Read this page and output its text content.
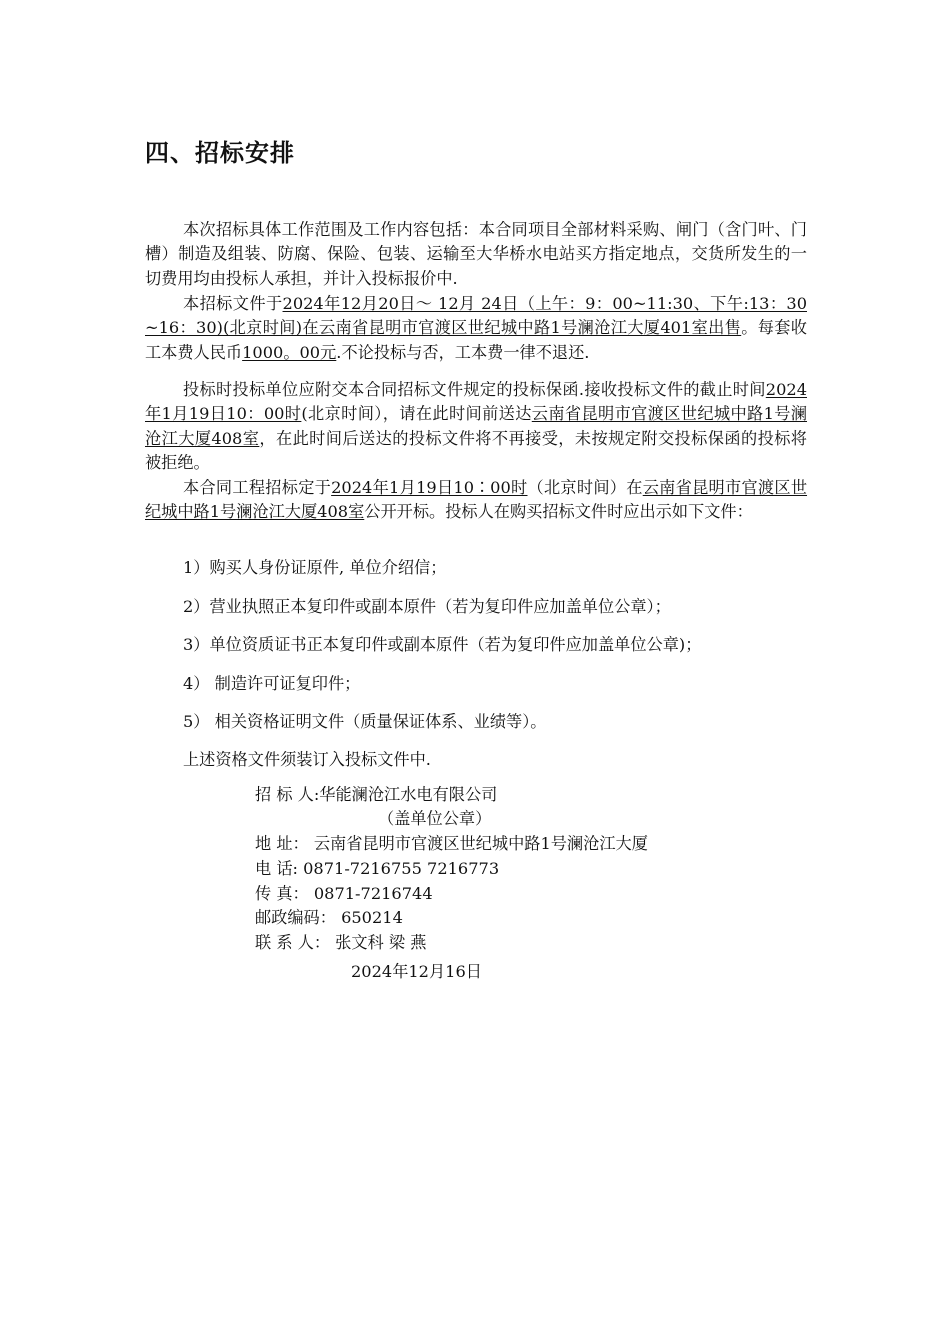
四、招标安排

本次招标具体工作范围及工作内容包括：本合同项目全部材料采购、闸门（含门叶、门槽）制造及组装、防腐、保险、包装、运输至大华桥水电站买方指定地点，交货所发生的一切费用均由投标人承担，并计入投标报价中.

本招标文件于2024年12月20日～ 12月 24日（上午：9：00~11:30、下午:13：30~16：30)(北京时间)在云南省昆明市官渡区世纪城中路1号澜沧江大厦401室出售。每套收工本费人民币1000。00元.不论投标与否，工本费一律不退还.

投标时投标单位应附交本合同招标文件规定的投标保函.接收投标文件的截止时间2024年1月19日10：00时(北京时间），请在此时间前送达云南省昆明市官渡区世纪城中路1号澜沧江大厦408室，在此时间后送达的投标文件将不再接受，未按规定附交投标保函的投标将被拒绝。

本合同工程招标定于2024年1月19日10∶00时（北京时间）在云南省昆明市官渡区世纪城中路1号澜沧江大厦408室公开开标。投标人在购买招标文件时应出示如下文件：

1）购买人身份证原件, 单位介绍信；

2）营业执照正本复印件或副本原件（若为复印件应加盖单位公章）；

3）单位资质证书正本复印件或副本原件（若为复印件应加盖单位公章)；

4） 制造许可证复印件；

5） 相关资格证明文件（质量保证体系、业绩等）。

上述资格文件须装订入投标文件中.

招 标 人:华能澜沧江水电有限公司

（盖单位公章）

地 址： 云南省昆明市官渡区世纪城中路1号澜沧江大厦

电 话: 0871-7216755 7216773

传 真： 0871-7216744

邮政编码： 650214

联 系 人： 张文科 梁 燕

2024年12月16日
